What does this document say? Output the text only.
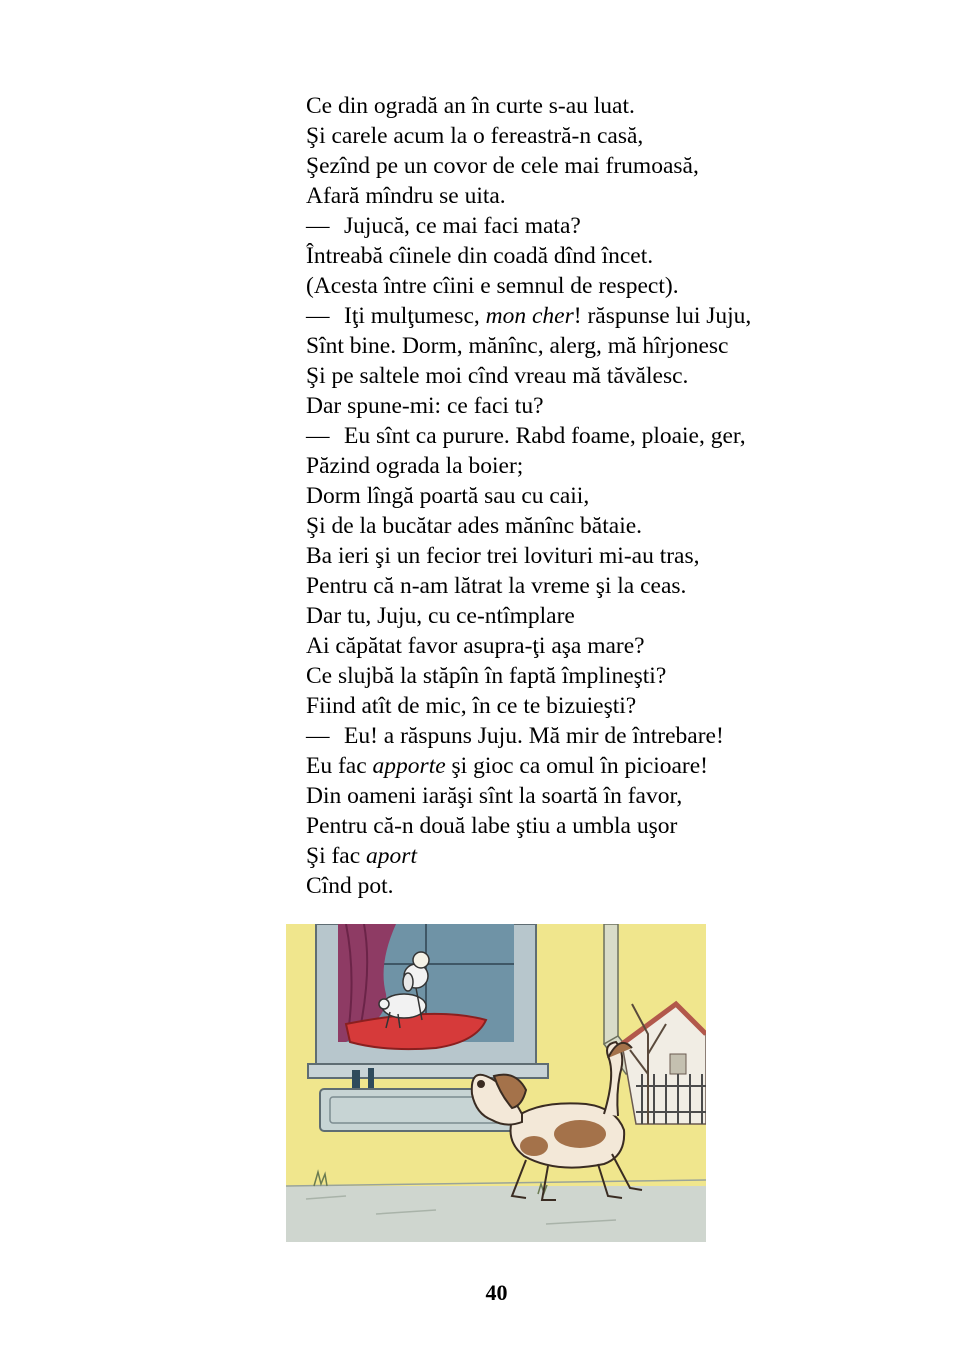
Ce din ogradă an în curte s-au luat.
Şi carele acum la o fereastră-n casă,
Şezînd pe un covor de cele mai frumoasă,
Afară mîndru se uita.
— Jujucă, ce mai faci mata?
Întreabă cîinele din coadă dînd încet.
(Acesta între cîini e semnul de respect).
— Iţi mulţumesc, mon cher! răspunse lui Juju,
Sînt bine. Dorm, mănînc, alerg, mă hîrjonesc
Şi pe saltele moi cînd vreau mă tăvălesc.
Dar spune-mi: ce faci tu?
— Eu sînt ca purure. Rabd foame, ploaie, ger,
Păzind ograda la boier;
Dorm lîngă poartă sau cu caii,
Şi de la bucătar ades mănînc bătaie.
Ba ieri şi un fecior trei lovituri mi-au tras,
Pentru că n-am lătrat la vreme şi la ceas.
Dar tu, Juju, cu ce-ntîmplare
Ai căpătat favor asupra-ţi aşa mare?
Ce slujbă la stăpîn în faptă împlineşti?
Fiind atît de mic, în ce te bizuieşti?
— Eu! a răspuns Juju. Mă mir de întrebare!
Eu fac apporte şi gioc ca omul în picioare!
Din oameni iarăşi sînt la soartă în favor,
Pentru că-n două labe ştiu a umbla uşor
Şi fac aport
Cînd pot.
40
